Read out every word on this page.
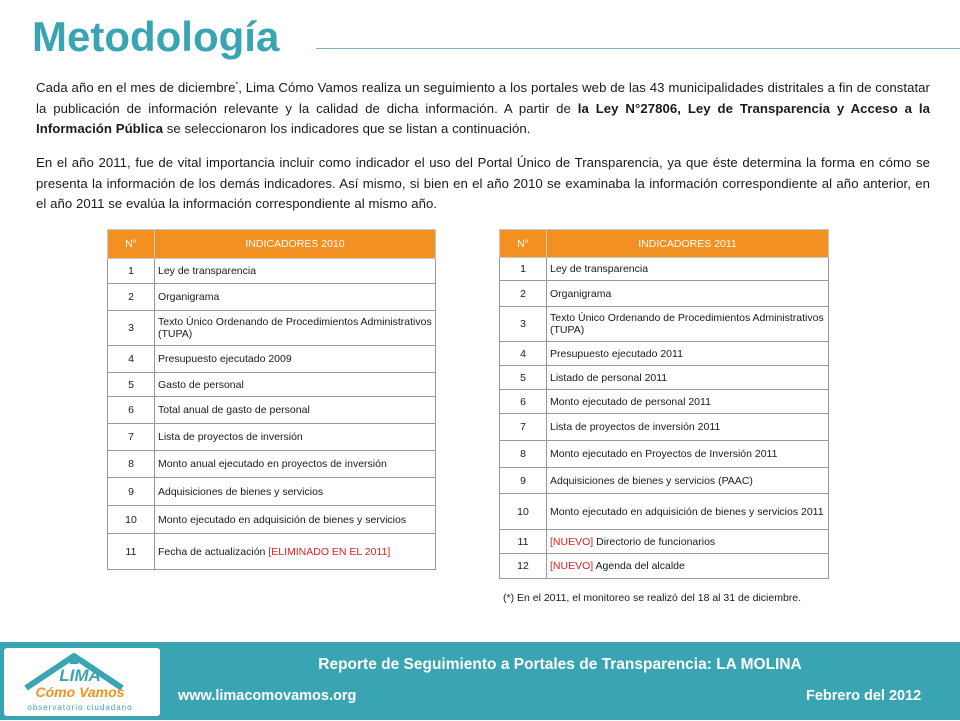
Metodología

Cada año en el mes de diciembre*, Lima Cómo Vamos realiza un seguimiento a los portales web de las 43 municipalidades distritales a fin de constatar la publicación de información relevante y la calidad de dicha información. A partir de la Ley N°27806, Ley de Transparencia y Acceso a la Información Pública se seleccionaron los indicadores que se listan a continuación.

En el año 2011, fue de vital importancia incluir como indicador el uso del Portal Único de Transparencia, ya que éste determina la forma en cómo se presenta la información de los demás indicadores. Así mismo, si bien en el año 2010 se examinaba la información correspondiente al año anterior, en el año 2011 se evalúa la información correspondiente al mismo año.

N°	INDICADORES 2010
1	Ley de transparencia
2	Organigrama
3	Texto Único Ordenando de Procedimientos Administrativos (TUPA)
4	Presupuesto ejecutado 2009
5	Gasto de personal
6	Total anual de gasto de personal
7	Lista de proyectos de inversión
8	Monto anual ejecutado en proyectos de inversión
9	Adquisiciones de bienes y servicios
10	Monto ejecutado en adquisición de bienes y servicios
11	Fecha de actualización [ELIMINADO EN EL 2011]
N°	INDICADORES 2011
1	Ley de transparencia
2	Organigrama
3	Texto Único Ordenando de Procedimientos Administrativos (TUPA)
4	Presupuesto ejecutado 2011
5	Listado de personal 2011
6	Monto ejecutado de personal 2011
7	Lista de proyectos de inversión 2011
8	Monto ejecutado en Proyectos de Inversión 2011
9	Adquisiciones de bienes y servicios (PAAC)
10	Monto ejecutado en adquisición de bienes y servicios 2011
11	[NUEVO] Directorio de funcionarios
12	[NUEVO] Agenda del alcalde

(*) En el 2011, el monitoreo se realizó del 18 al 31 de diciembre.

LIMA
Cómo Vamos
observatorio ciudadano

Reporte de Seguimiento a Portales de Transparencia: LA MOLINA

www.limacomovamos.org	Febrero del 2012
